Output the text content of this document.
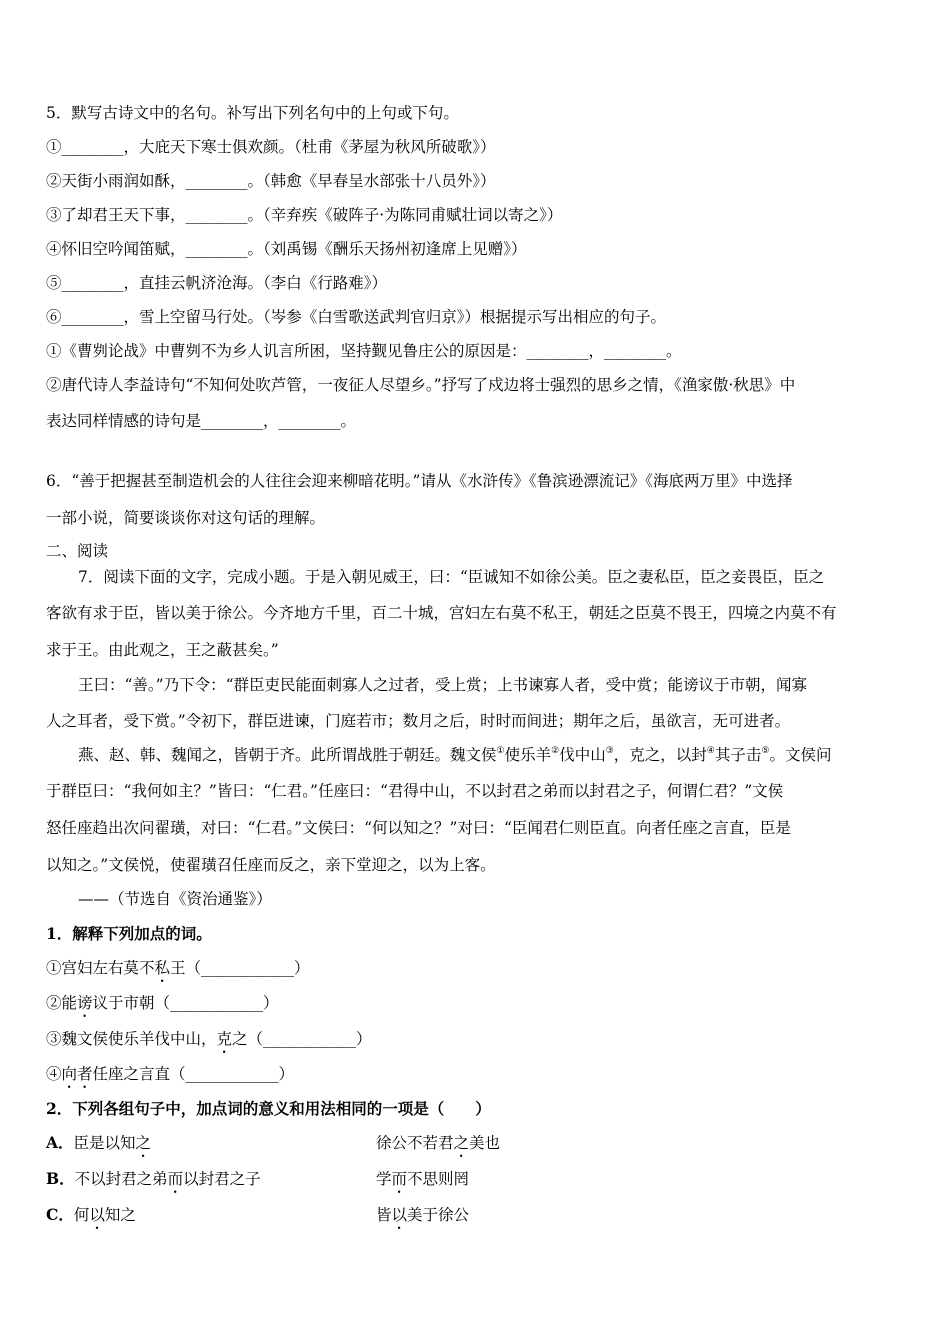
5．默写古诗文中的名句。补写出下列名句中的上句或下句。
①________，大庇天下寒士俱欢颜。（杜甫《茅屋为秋风所破歌》）
②天街小雨润如酥，________。（韩愈《早春呈水部张十八员外》）
③了却君王天下事，________。（辛弃疾《破阵子·为陈同甫赋壮词以寄之》）
④怀旧空吟闻笛赋，________。（刘禹锡《酬乐天扬州初逢席上见赠》）
⑤________，直挂云帆济沧海。（李白《行路难》）
⑥________，雪上空留马行处。（岑参《白雪歌送武判官归京》）根据提示写出相应的句子。
①《曹刿论战》中曹刿不为乡人讥言所困，坚持觐见鲁庄公的原因是：________，________。
②唐代诗人李益诗句“不知何处吹芦管，一夜征人尽望乡。”抒写了戍边将士强烈的思乡之情，《渔家傲·秋思》中
表达同样情感的诗句是________，________。
6．“善于把握甚至制造机会的人往往会迎来柳暗花明。”请从《水浒传》《鲁滨逊漂流记》《海底两万里》中选择
一部小说，简要谈谈你对这句话的理解。
二、阅读
7．阅读下面的文字，完成小题。于是入朝见威王，曰：“臣诚知不如徐公美。臣之妻私臣，臣之妾畏臣，臣之
客欲有求于臣，皆以美于徐公。今齐地方千里，百二十城，宫妇左右莫不私王，朝廷之臣莫不畏王，四境之内莫不有
求于王。由此观之，王之蔽甚矣。”
王曰：“善。”乃下令：“群臣吏民能面刺寡人之过者，受上赏；上书谏寡人者，受中赏；能谤议于市朝，闻寡
人之耳者，受下赏。”令初下，群臣进谏，门庭若市；数月之后，时时而间进；期年之后，虽欲言，无可进者。
燕、赵、韩、魏闻之，皆朝于齐。此所谓战胜于朝廷。魏文侯①使乐羊②伐中山③，克之，以封④其子击⑤。文侯问
于群臣曰：“我何如主？”皆曰：“仁君。”任座曰：“君得中山，不以封君之弟而以封君之子，何谓仁君？”文侯
怒任座趋出次问翟璜，对曰：“仁君。”文侯曰：“何以知之？”对曰：“臣闻君仁则臣直。向者任座之言直，臣是
以知之。”文侯悦，使翟璜召任座而反之，亲下堂迎之，以为上客。
——（节选自《资治通鉴》）
1．解释下列加点的词。
①宫妇左右莫不私王（____________）
②能谤议于市朝（____________）
③魏文侯使乐羊伐中山，克之（____________）
④向者任座之言直（____________）
2．下列各组句子中，加点词的意义和用法相同的一项是（　　）
A．臣是以知之	徐公不若君之美也
B．不以封君之弟而以封君之子	学而不思则罔
C．何以知之	皆以美于徐公
